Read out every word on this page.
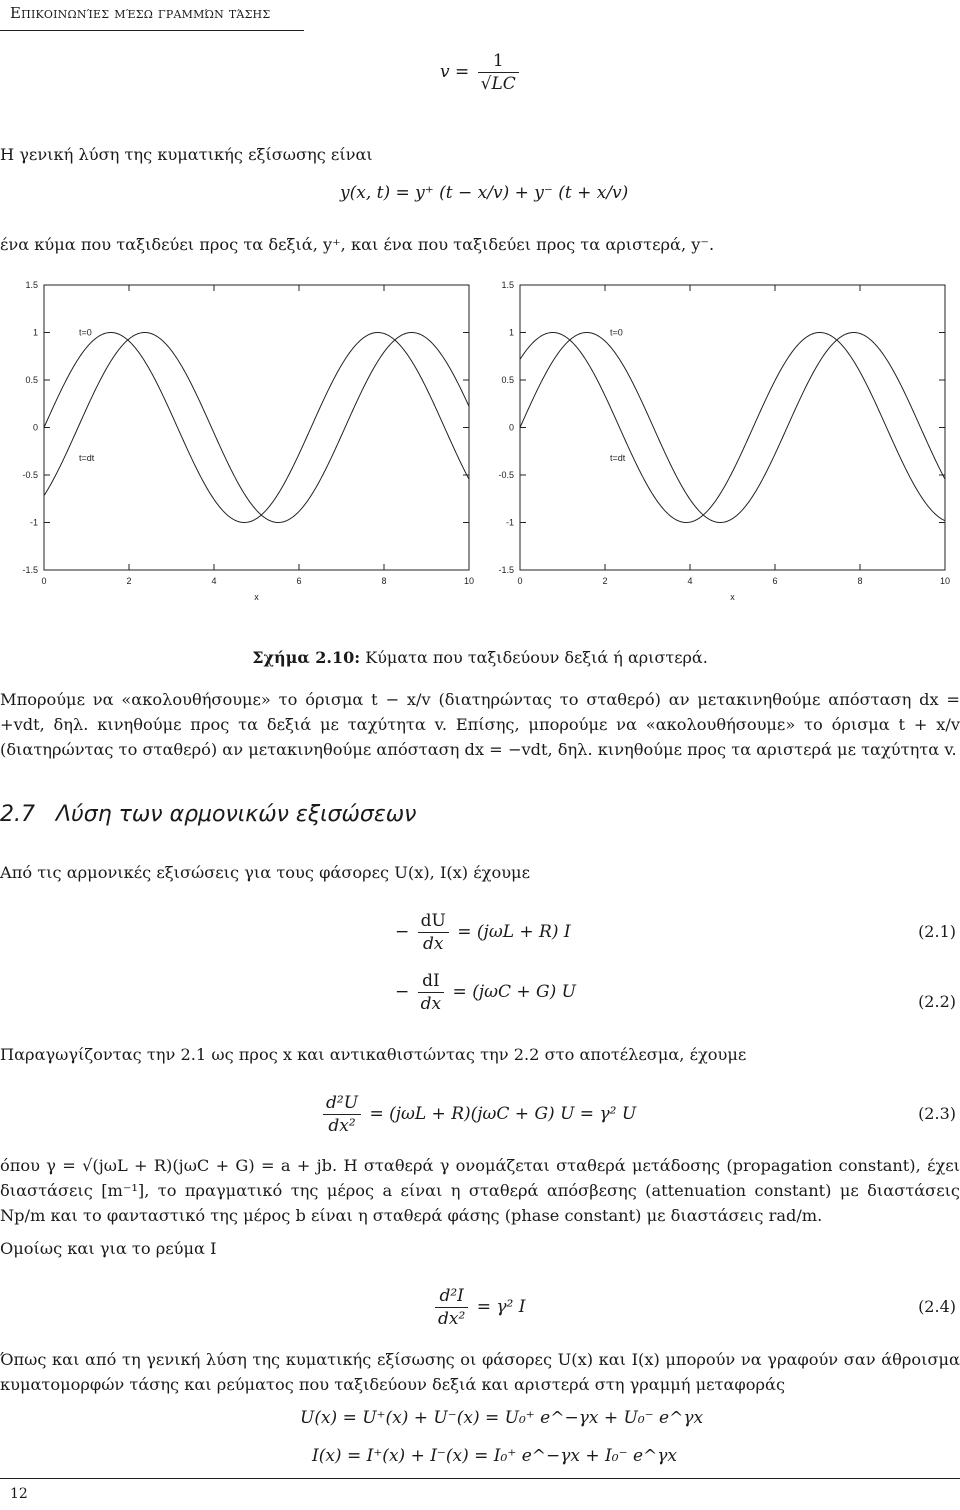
Επικοινωνίες μέσω γραμμών τάσης
$v = \frac{1}{√LC}$
Η γενική λύση της κυματικής εξίσωσης είναι
y(x, t) = y⁺ (t − x/v) + y⁻ (t + x/v)
ένα κύμα που ταξιδεύει προς τα δεξιά, y⁺, και ένα που ταξιδεύει προς τα αριστερά, y⁻.
1.5
1
0.5
0
-0.5
-1
-1.5
0	2	4	6	8	10
x
t=0
t=dt
1.5
1
0.5
0
-0.5
-1
-1.5
0	2	4	6	8	10
x
t=0
t=dt
Σχήμα 2.10: Κύματα που ταξιδεύουν δεξιά ή αριστερά.
Μπορούμε να «ακολουθήσουμε» το όρισμα t − x/v (διατηρώντας το σταθερό) αν μετακινηθούμε απόσταση dx = +vdt, δηλ. κινηθούμε προς τα δεξιά με ταχύτητα v. Επίσης, μπορούμε να «ακολουθήσουμε» το όρισμα t + x/v (διατηρώντας το σταθερό) αν μετακινηθούμε απόσταση dx = −vdt, δηλ. κινηθούμε προς τα αριστερά με ταχύτητα v.
2.7 Λύση των αρμονικών εξισώσεων
Από τις αρμονικές εξισώσεις για τους φάσορες U(x), I(x) έχουμε
− $\frac{dU}{dx} = (j\omega L + R)$ I	(2.1)
− $\frac{dI}{dx} = (j\omega C + G)$ U	(2.2)
Παραγωγίζοντας την 2.1 ως προς x και αντικαθιστώντας την 2.2 στο αποτέλεσμα, έχουμε
$\frac{\text{d²U}}{\text{dx²}} = (j\omega L + R)(j\omega C + G) U = \gamma^2$ U	(2.3)
όπου γ = √(jωL + R)(jωC + G) = a + jb. Η σταθερά γ ονομάζεται σταθερά μετάδοσης (propagation constant), έχει διαστάσεις [m⁻¹], το πραγματικό της μέρος a είναι η σταθερά απόσβεσης (attenuation constant) με διαστάσεις Np/m και το φανταστικό της μέρος b είναι η σταθερά φάσης (phase constant) με διαστάσεις rad/m.
Ομοίως και για το ρεύμα I
$\frac{\text{d²I}}{\text{dx²}} = \gamma^2$ I	(2.4)
Όπως και από τη γενική λύση της κυματικής εξίσωσης οι φάσορες U(x) και I(x) μπορούν να γραφούν σαν άθροισμα κυματομορφών τάσης και ρεύματος που ταξιδεύουν δεξιά και αριστερά στη γραμμή μεταφοράς
U(x) = U⁺(x) + U⁻(x) = U₀⁺ e^−γx + U₀⁻ e^γx
I(x) = I⁺(x) + I⁻(x) = I₀⁺ e^−γx + I₀⁻ e^γx
12
